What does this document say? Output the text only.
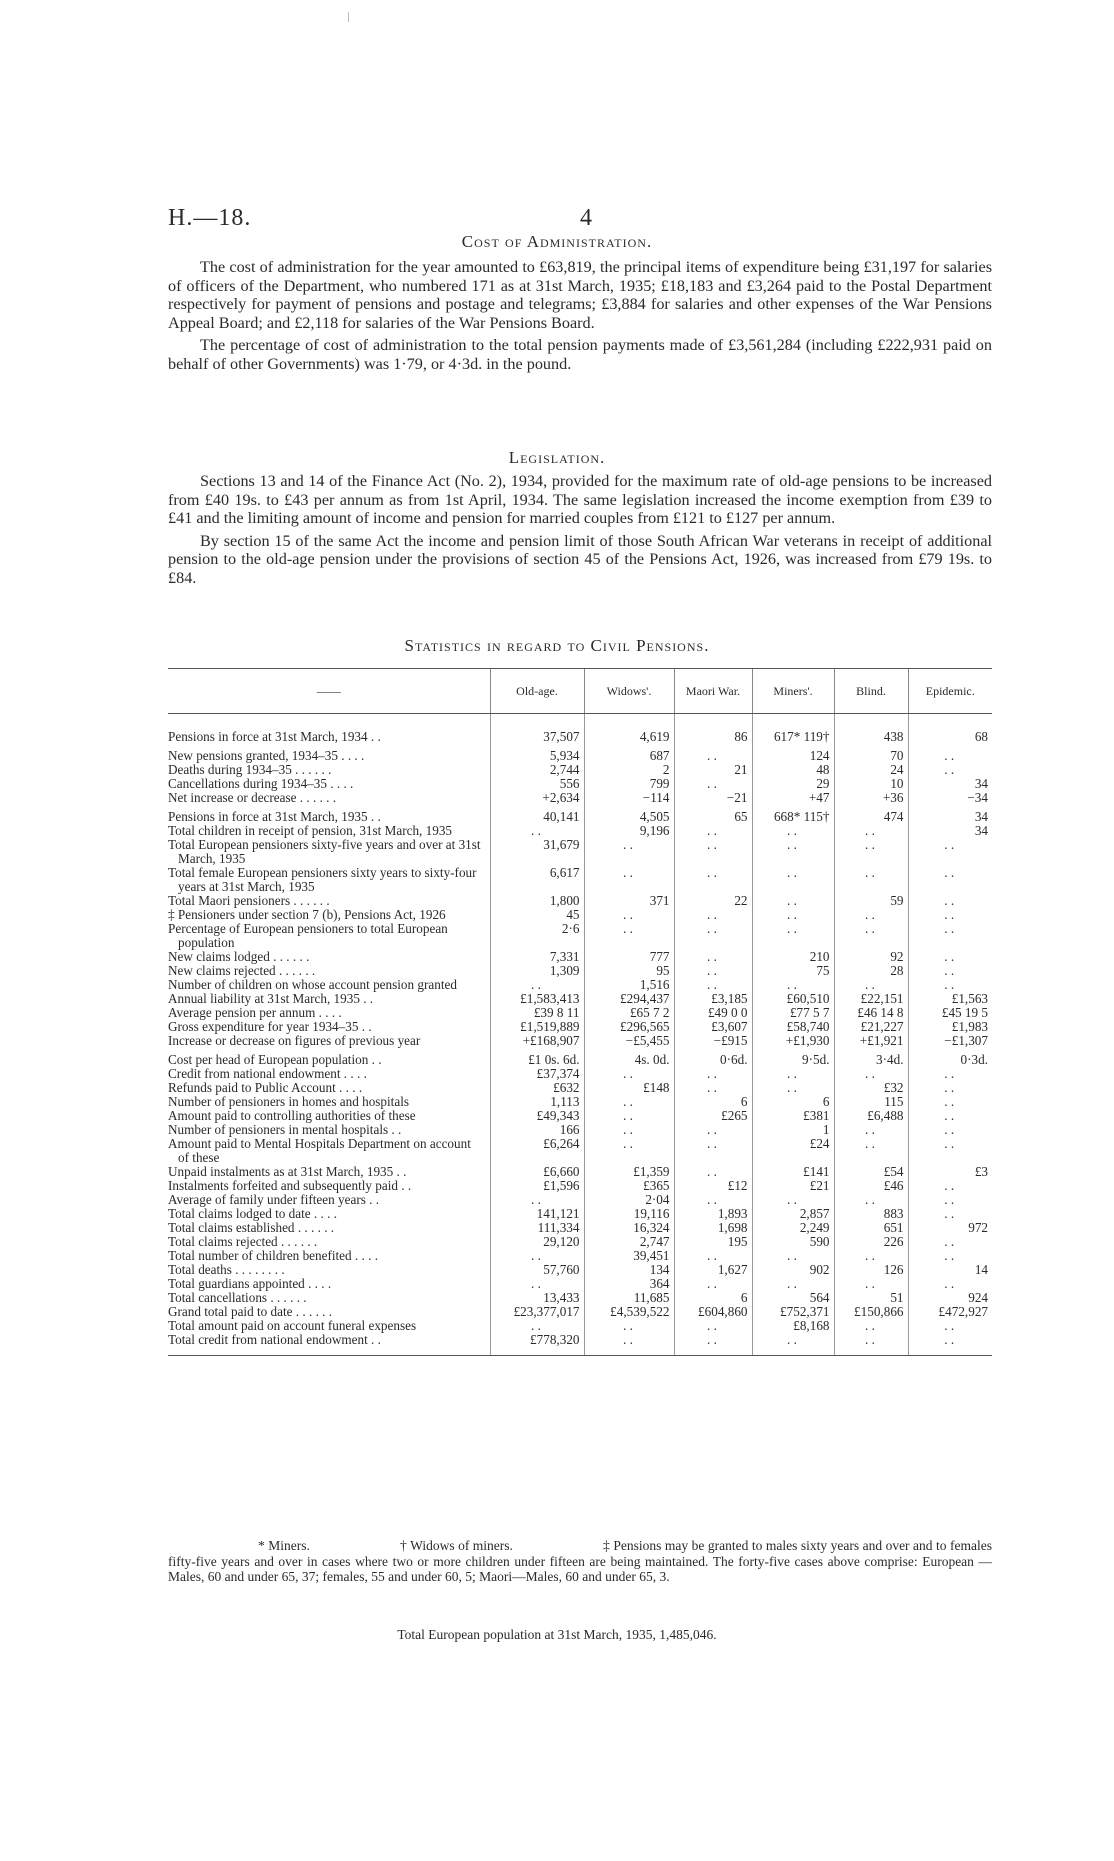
H.—18.	4
Cost of Administration.

The cost of administration for the year amounted to £63,819, the principal items of expenditure being £31,197 for salaries of officers of the Department, who numbered 171 as at 31st March, 1935; £18,183 and £3,264 paid to the Postal Department respectively for payment of pensions and postage and telegrams; £3,884 for salaries and other expenses of the War Pensions Appeal Board; and £2,118 for salaries of the War Pensions Board.

The percentage of cost of administration to the total pension payments made of £3,561,284 (including £222,931 paid on behalf of other Governments) was 1·79, or 4·3d. in the pound.

Legislation.

Sections 13 and 14 of the Finance Act (No. 2), 1934, provided for the maximum rate of old-age pensions to be increased from £40 19s. to £43 per annum as from 1st April, 1934. The same legislation increased the income exemption from £39 to £41 and the limiting amount of income and pension for married couples from £121 to £127 per annum.

By section 15 of the same Act the income and pension limit of those South African War veterans in receipt of additional pension to the old-age pension under the provisions of section 45 of the Pensions Act, 1926, was increased from £79 19s. to £84.

Statistics in regard to Civil Pensions.
——	Old-age.	Widows'.	Maori War.	Miners'.	Blind.	Epidemic.

Pensions in force at 31st March, 1934 . .	37,507	4,619	86	617* 119†	438	68

New pensions granted, 1934–35 . . . .	5,934	687	. .	124	70	. .

Deaths during 1934–35 . . . . . .	2,744	2	21	48	24	. .

Cancellations during 1934–35 . . . .	556	799	. .	29	10	34

Net increase or decrease . . . . . .	+2,634	−114	−21	+47	+36	−34

Pensions in force at 31st March, 1935 . .	40,141	4,505	65	668* 115†	474	34

Total children in receipt of pension, 31st March, 1935	. .	9,196	. .	. .	. .	34

Total European pensioners sixty-five years and over at 31st March, 1935	31,679	. .	. .	. .	. .	. .

Total female European pensioners sixty years to sixty-four years at 31st March, 1935	6,617	. .	. .	. .	. .	. .

Total Maori pensioners . . . . . .	1,800	371	22	. .	59	. .

‡ Pensioners under section 7 (b), Pensions Act, 1926	45	. .	. .	. .	. .	. .

Percentage of European pensioners to total European population	2·6	. .	. .	. .	. .	. .

New claims lodged . . . . . .	7,331	777	. .	210	92	. .

New claims rejected . . . . . .	1,309	95	. .	75	28	. .

Number of children on whose account pension granted	. .	1,516	. .	. .	. .	. .

Annual liability at 31st March, 1935 . .	£1,583,413	£294,437	£3,185	£60,510	£22,151	£1,563

Average pension per annum . . . .	£39 8 11	£65 7 2	£49 0 0	£77 5 7	£46 14 8	£45 19 5

Gross expenditure for year 1934–35 . .	£1,519,889	£296,565	£3,607	£58,740	£21,227	£1,983

Increase or decrease on figures of previous year	+£168,907	−£5,455	−£915	+£1,930	+£1,921	−£1,307

Cost per head of European population . .	£1 0s. 6d.	4s. 0d.	0·6d.	9·5d.	3·4d.	0·3d.

Credit from national endowment . . . .	£37,374	. .	. .	. .	. .	. .

Refunds paid to Public Account . . . .	£632	£148	. .	. .	£32	. .

Number of pensioners in homes and hospitals	1,113	. .	6	6	115	. .

Amount paid to controlling authorities of these	£49,343	. .	£265	£381	£6,488	. .

Number of pensioners in mental hospitals . .	166	. .	. .	1	. .	. .

Amount paid to Mental Hospitals Department on account of these	£6,264	. .	. .	£24	. .	. .

Unpaid instalments as at 31st March, 1935 . .	£6,660	£1,359	. .	£141	£54	£3

Instalments forfeited and subsequently paid . .	£1,596	£365	£12	£21	£46	. .

Average of family under fifteen years . .	. .	2·04	. .	. .	. .	. .

Total claims lodged to date . . . .	141,121	19,116	1,893	2,857	883	. .

Total claims established . . . . . .	111,334	16,324	1,698	2,249	651	972

Total claims rejected . . . . . .	29,120	2,747	195	590	226	. .

Total number of children benefited . . . .	. .	39,451	. .	. .	. .	. .

Total deaths . . . . . . . .	57,760	134	1,627	902	126	14

Total guardians appointed . . . .	. .	364	. .	. .	. .	. .

Total cancellations . . . . . .	13,433	11,685	6	564	51	924

Grand total paid to date . . . . . .	£23,377,017	£4,539,522	£604,860	£752,371	£150,866	£472,927

Total amount paid on account funeral expenses	. .	. .	. .	£8,168	. .	. .

Total credit from national endowment . .	£778,320	. .	. .	. .	. .	. .

* Miners.	† Widows of miners.	‡ Pensions may be granted to males sixty years and over and to females fifty-five years and over in cases where two or more children under fifteen are being maintained. The forty-five cases above comprise: European — Males, 60 and under 65, 37; females, 55 and under 60, 5; Maori—Males, 60 and under 65, 3.

Total European population at 31st March, 1935, 1,485,046.
